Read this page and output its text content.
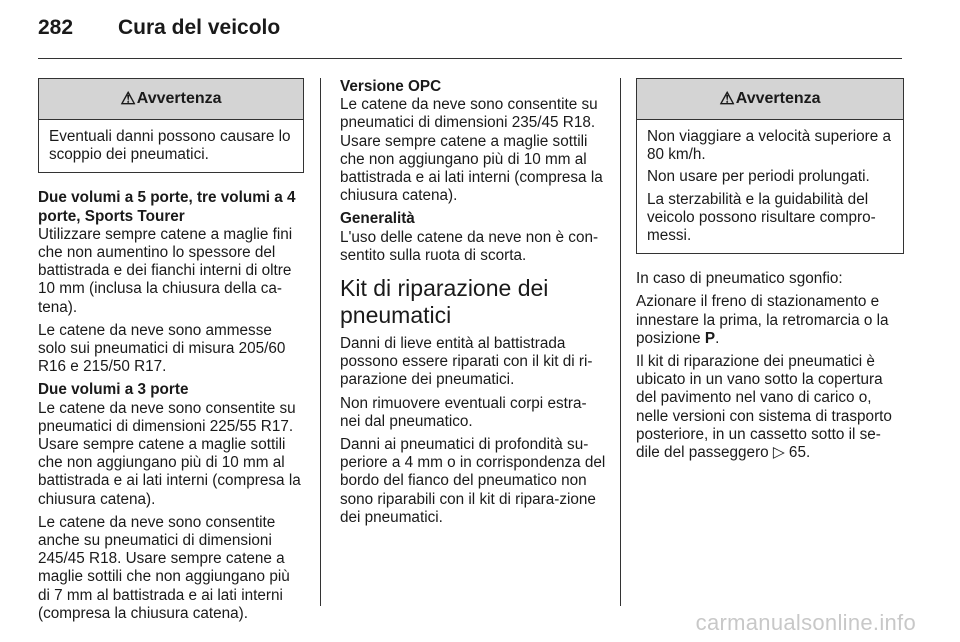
282 Cura del veicolo
⚠ Avvertenza

Eventuali danni possono causare lo scoppio dei pneumatici.

Due volumi a 5 porte, tre volumi a 4 porte, Sports Tourer

Utilizzare sempre catene a maglie fini che non aumentino lo spessore del battistrada e dei fianchi interni di oltre 10 mm (inclusa la chiusura della ca-tena).

Le catene da neve sono ammesse solo sui pneumatici di misura 205/60 R16 e 215/50 R17.

Due volumi a 3 porte

Le catene da neve sono consentite su pneumatici di dimensioni 225/55 R17. Usare sempre catene a maglie sottili che non aggiungano più di 10 mm al battistrada e ai lati interni (compresa la chiusura catena).

Le catene da neve sono consentite anche su pneumatici di dimensioni 245/45 R18. Usare sempre catene a maglie sottili che non aggiungano più di 7 mm al battistrada e ai lati interni (compresa la chiusura catena).

Versione OPC

Le catene da neve sono consentite su pneumatici di dimensioni 235/45 R18. Usare sempre catene a maglie sottili che non aggiungano più di 10 mm al battistrada e ai lati interni (compresa la chiusura catena).

Generalità

L'uso delle catene da neve non è con-sentito sulla ruota di scorta.

Kit di riparazione dei pneumatici

Danni di lieve entità al battistrada possono essere riparati con il kit di ri-parazione dei pneumatici.

Non rimuovere eventuali corpi estra-nei dal pneumatico.

Danni ai pneumatici di profondità su-periore a 4 mm o in corrispondenza del bordo del fianco del pneumatico non sono riparabili con il kit di ripara-zione dei pneumatici.

⚠ Avvertenza

Non viaggiare a velocità superiore a 80 km/h.

Non usare per periodi prolungati.

La sterzabilità e la guidabilità del veicolo possono risultare compro-messi.

In caso di pneumatico sgonfio:

Azionare il freno di stazionamento e innestare la prima, la retromarcia o la posizione P.

Il kit di riparazione dei pneumatici è ubicato in un vano sotto la copertura del pavimento nel vano di carico o, nelle versioni con sistema di trasporto posteriore, in un cassetto sotto il se-dile del passeggero ▷ 65.

carmanualsonline.info
